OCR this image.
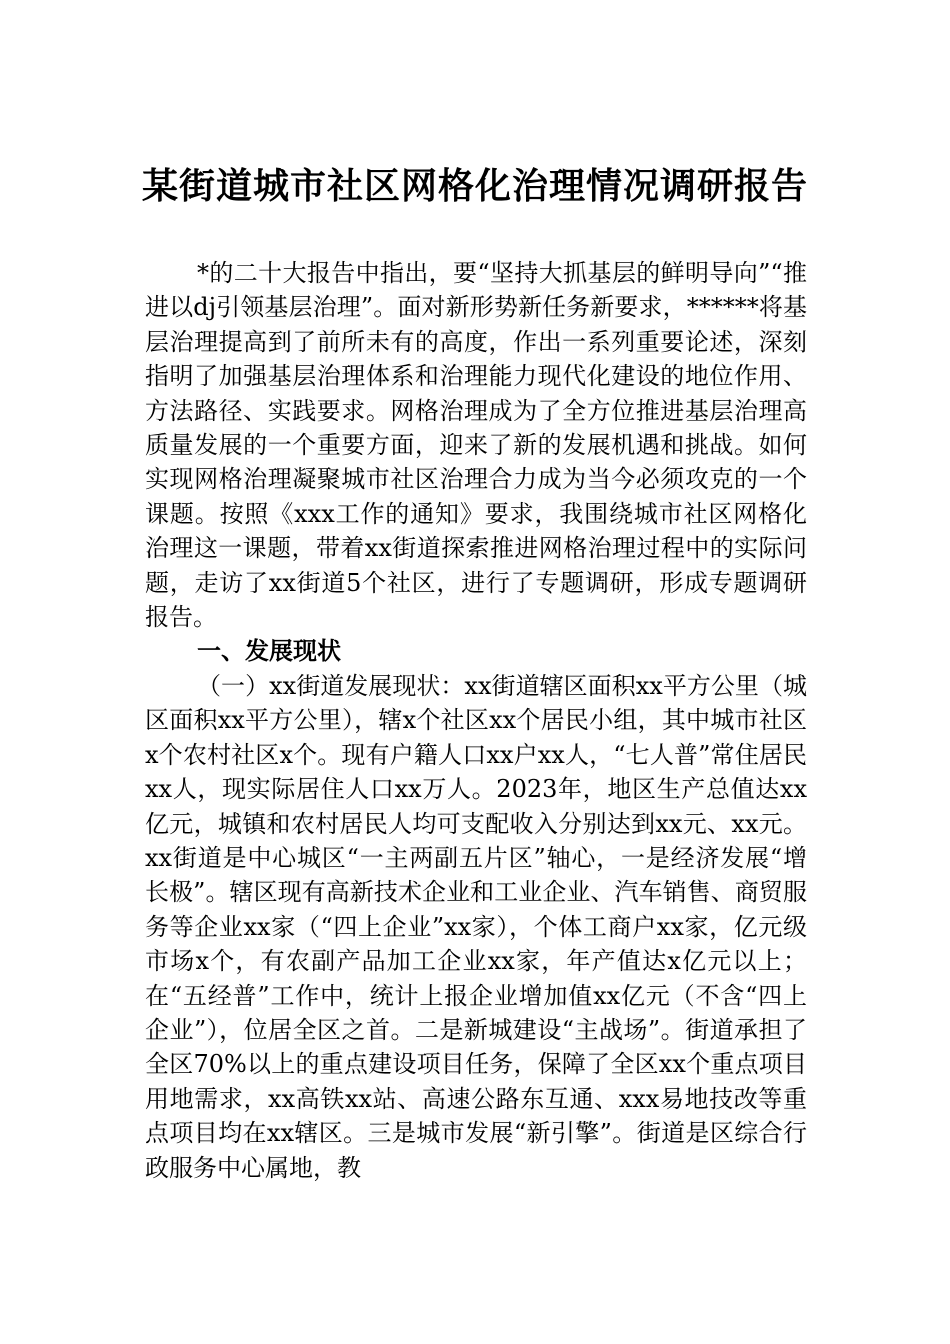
某街道城市社区网格化治理情况调研报告

*的二十大报告中指出，要“坚持大抓基层的鲜明导向”“推进以dj引领基层治理”。面对新形势新任务新要求，******将基层治理提高到了前所未有的高度，作出一系列重要论述，深刻指明了加强基层治理体系和治理能力现代化建设的地位作用、方法路径、实践要求。网格治理成为了全方位推进基层治理高质量发展的一个重要方面，迎来了新的发展机遇和挑战。如何实现网格治理凝聚城市社区治理合力成为当今必须攻克的一个课题。按照《xxx工作的通知》要求，我围绕城市社区网格化治理这一课题，带着xx街道探索推进网格治理过程中的实际问题，走访了xx街道5个社区，进行了专题调研，形成专题调研报告。

一、发展现状

（一）xx街道发展现状：xx街道辖区面积xx平方公里（城区面积xx平方公里），辖x个社区xx个居民小组，其中城市社区x个农村社区x个。现有户籍人口xx户xx人，“七人普”常住居民xx人，现实际居住人口xx万人。2023年，地区生产总值达xx亿元，城镇和农村居民人均可支配收入分别达到xx元、xx元。xx街道是中心城区“一主两副五片区”轴心，一是经济发展“增长极”。辖区现有高新技术企业和工业企业、汽车销售、商贸服务等企业xx家（“四上企业”xx家），个体工商户xx家，亿元级市场x个，有农副产品加工企业xx家，年产值达x亿元以上；在“五经普”工作中，统计上报企业增加值xx亿元（不含“四上企业”），位居全区之首。二是新城建设“主战场”。街道承担了全区70%以上的重点建设项目任务，保障了全区xx个重点项目用地需求，xx高铁xx站、高速公路东互通、xxx易地技改等重点项目均在xx辖区。三是城市发展“新引擎”。街道是区综合行政服务中心属地，教
